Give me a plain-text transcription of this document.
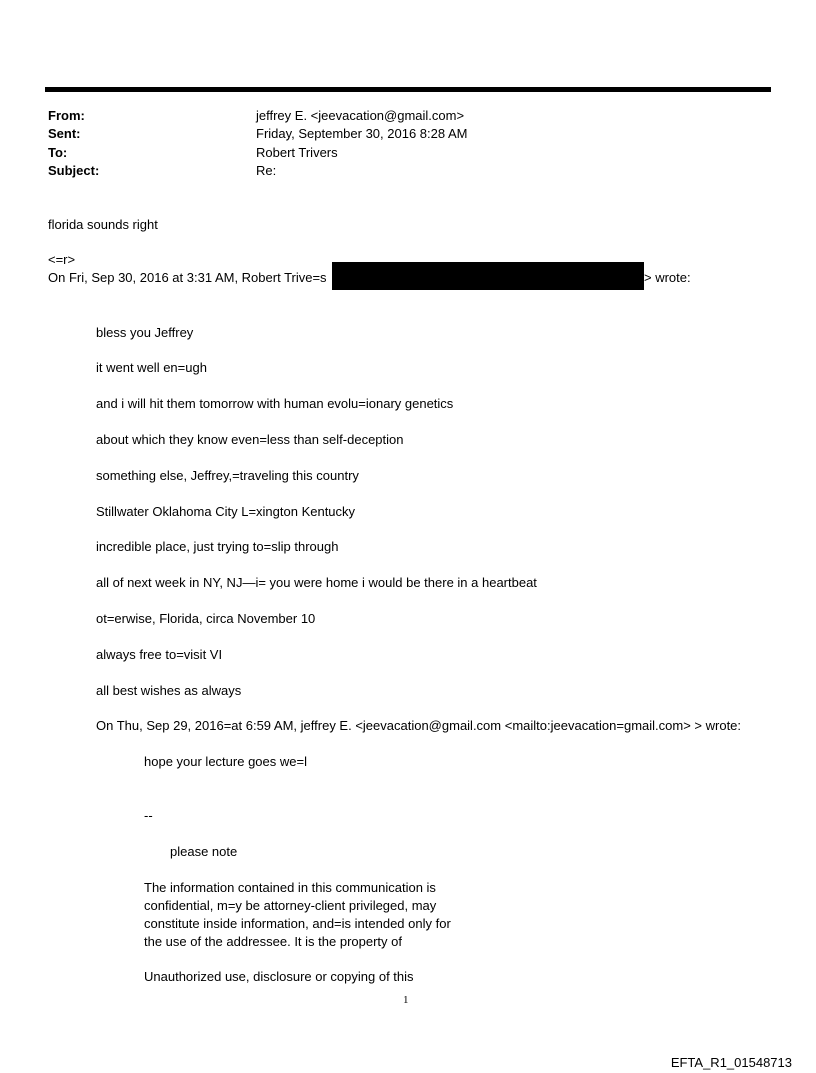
From:	jeffrey E. <jeevacation@gmail.com>
Sent:	Friday, September 30, 2016 8:28 AM
To:	Robert Trivers
Subject:	Re:
florida sounds right
<=r>
On Fri, Sep 30, 2016 at 3:31 AM, Robert Trive=s	> wrote:
bless you Jeffrey
it went well en=ugh
and i will hit them tomorrow with human evolu=ionary genetics
about which they know even=less than self-deception
something else, Jeffrey,=traveling this country
Stillwater Oklahoma City L=xington Kentucky
incredible place, just trying to=slip through
all of next week in NY, NJ—i= you were home i would be there in a heartbeat
ot=erwise, Florida, circa November 10
always free to=visit VI
all best wishes as always
On Thu, Sep 29, 2016=at 6:59 AM, jeffrey E. <jeevacation@gmail.com <mailto:jeevacation=gmail.com> > wrote:
hope your lecture goes we=l
--
please note
The information contained in this communication is
confidential, m=y be attorney-client privileged, may
constitute inside information, and=is intended only for
the use of the addressee. It is the property of
Unauthorized use, disclosure or copying of this
1
EFTA_R1_01548713
